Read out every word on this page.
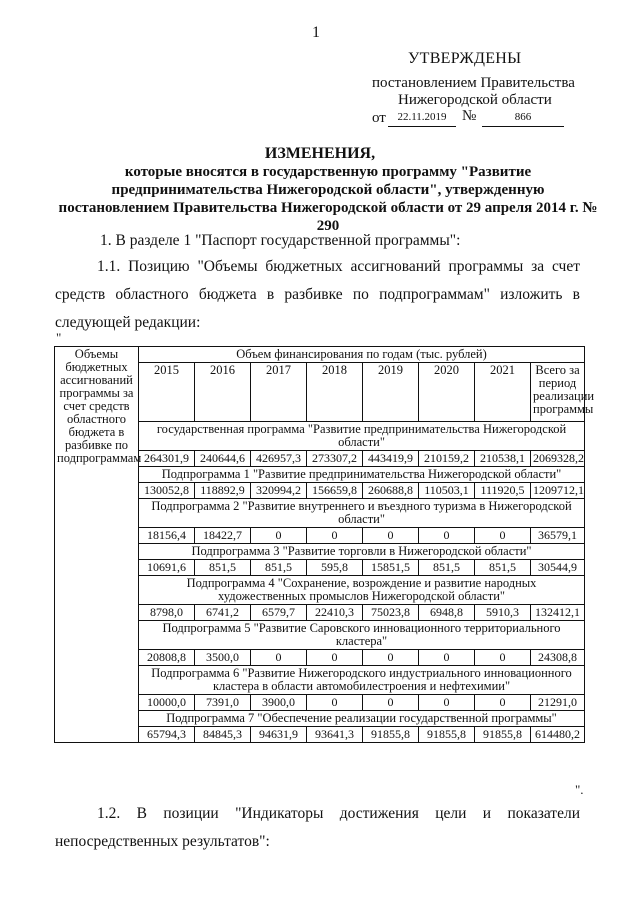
1
УТВЕРЖДЕНЫ
постановлением Правительства
Нижегородской области
от	22.11.2019	№	866
ИЗМЕНЕНИЯ,
которые вносятся в государственную программу "Развитие предпринимательства Нижегородской области", утвержденную постановлением Правительства Нижегородской области от 29 апреля 2014 г. № 290
1. В разделе 1 "Паспорт государственной программы":
1.1. Позицию "Объемы бюджетных ассигнований программы за счет средств областного бюджета в разбивке по подпрограммам" изложить в следующей редакции:
"
Объемы бюджетных ассигнований программы за счет средств областного бюджета в разбивке по подпрограммам	Объем финансирования по годам (тыс. рублей)							
	2015	2016	2017	2018	2019	2020	2021	Всего за период реализации программы
	государственная программа "Развитие предпринимательства Нижегородской области"							
	264301,9	240644,6	426957,3	273307,2	443419,9	210159,2	210538,1	2069328,2
	Подпрограмма 1 "Развитие предпринимательства Нижегородской области"							
	130052,8	118892,9	320994,2	156659,8	260688,8	110503,1	111920,5	1209712,1
	Подпрограмма 2 "Развитие внутреннего и въездного туризма в Нижегородской области"							
	18156,4	18422,7	0	0	0	0	0	36579,1
	Подпрограмма 3 "Развитие торговли в Нижегородской области"							
	10691,6	851,5	851,5	595,8	15851,5	851,5	851,5	30544,9
	Подпрограмма 4 "Сохранение, возрождение и развитие народных художественных промыслов Нижегородской области"							
	8798,0	6741,2	6579,7	22410,3	75023,8	6948,8	5910,3	132412,1
	Подпрограмма 5 "Развитие Саровского инновационного территориального кластера"							
	20808,8	3500,0	0	0	0	0	0	24308,8
	Подпрограмма 6 "Развитие Нижегородского индустриального инновационного кластера в области автомобилестроения и нефтехимии"							
	10000,0	7391,0	3900,0	0	0	0	0	21291,0
	Подпрограмма 7 "Обеспечение реализации государственной программы"							
	65794,3	84845,3	94631,9	93641,3	91855,8	91855,8	91855,8	614480,2
".
1.2. В позиции "Индикаторы достижения цели и показатели непосредственных результатов":
